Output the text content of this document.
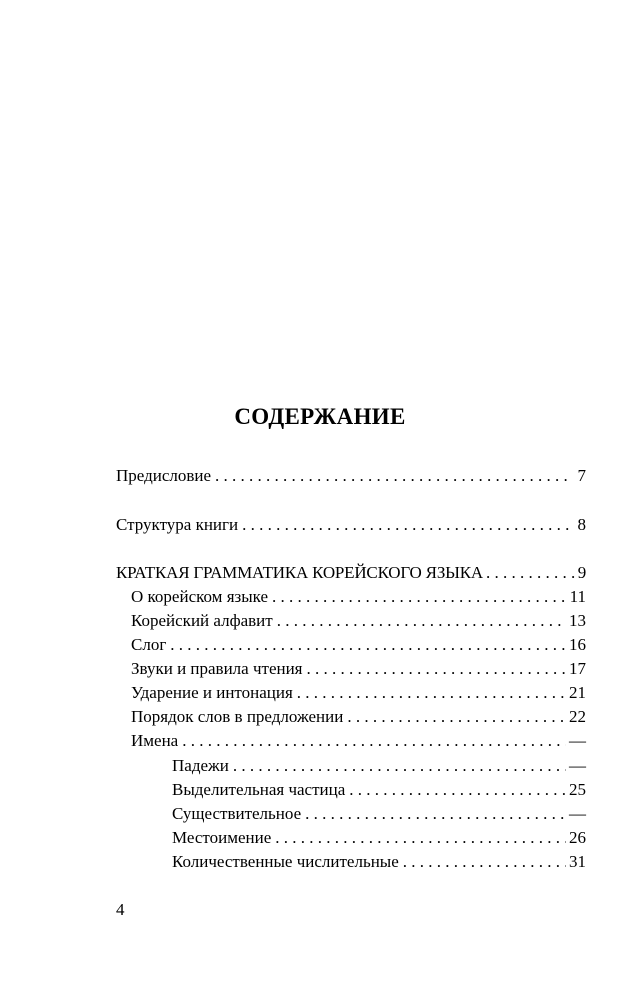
СОДЕРЖАНИЕ
Предисловие . . .	7
Структура книги . . .	8
КРАТКАЯ ГРАММАТИКА КОРЕЙСКОГО ЯЗЫКА . . .	9
О корейском языке . . .	11
Корейский алфавит . . .	13
Слог . . .	16
Звуки и правила чтения . . .	17
Ударение и интонация . . .	21
Порядок слов в предложении . . .	22
Имена . . .	—
Падежи . . .	—
Выделительная частица . . .	25
Существительное . . .	—
Местоимение . . .	26
Количественные числительные . . .	31
4
